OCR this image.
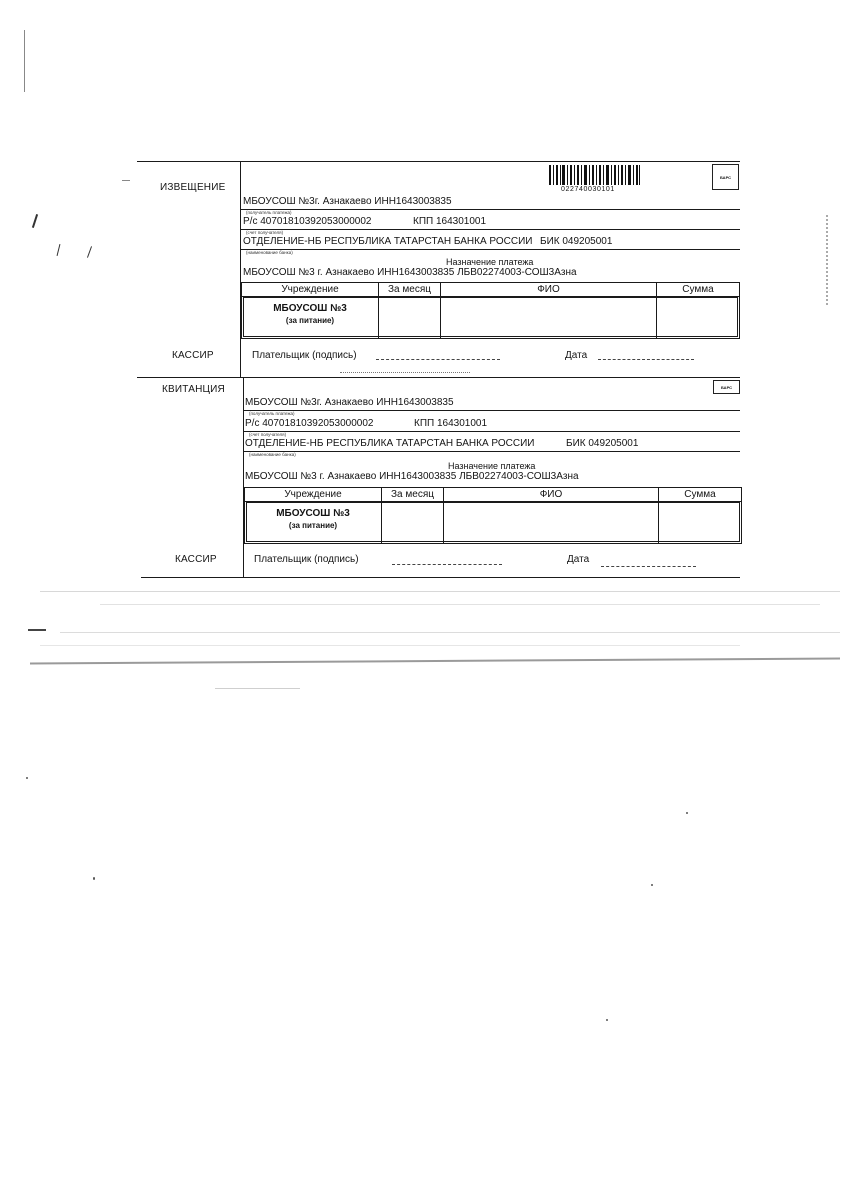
ИЗВЕЩЕНИЕ	022740030101
БАРС
МБОУСОШ №3г. Азнакаево ИНН1643003835
(получатель платежа)
Р/с 40701810392053000002	КПП 164301001
(счет получателя)
ОТДЕЛЕНИЕ-НБ РЕСПУБЛИКА ТАТАРСТАН БАНКА РОССИИ БИК 049205001
(наименование банка)
Назначение платежа
МБОУСОШ №3 г. Азнакаево ИНН1643003835 ЛБВ02274003-СОШ3Азна
Учреждение	За месяц	ФИО	Сумма
МБОУСОШ №3
(за питание)
КАССИР	Плательщик (подпись)	Дата
КВИТАНЦИЯ	БАРС
МБОУСОШ №3г. Азнакаево ИНН1643003835
(получатель платежа)
Р/с 40701810392053000002	КПП 164301001
(счет получателя)
ОТДЕЛЕНИЕ-НБ РЕСПУБЛИКА ТАТАРСТАН БАНКА РОССИИ	БИК 049205001
(наименование банка)
Назначение платежа
МБОУСОШ №3 г. Азнакаево ИНН1643003835 ЛБВ02274003-СОШ3Азна
Учреждение	За месяц	ФИО	Сумма
МБОУСОШ №3
(за питание)
КАССИР	Плательщик (подпись)	Дата
